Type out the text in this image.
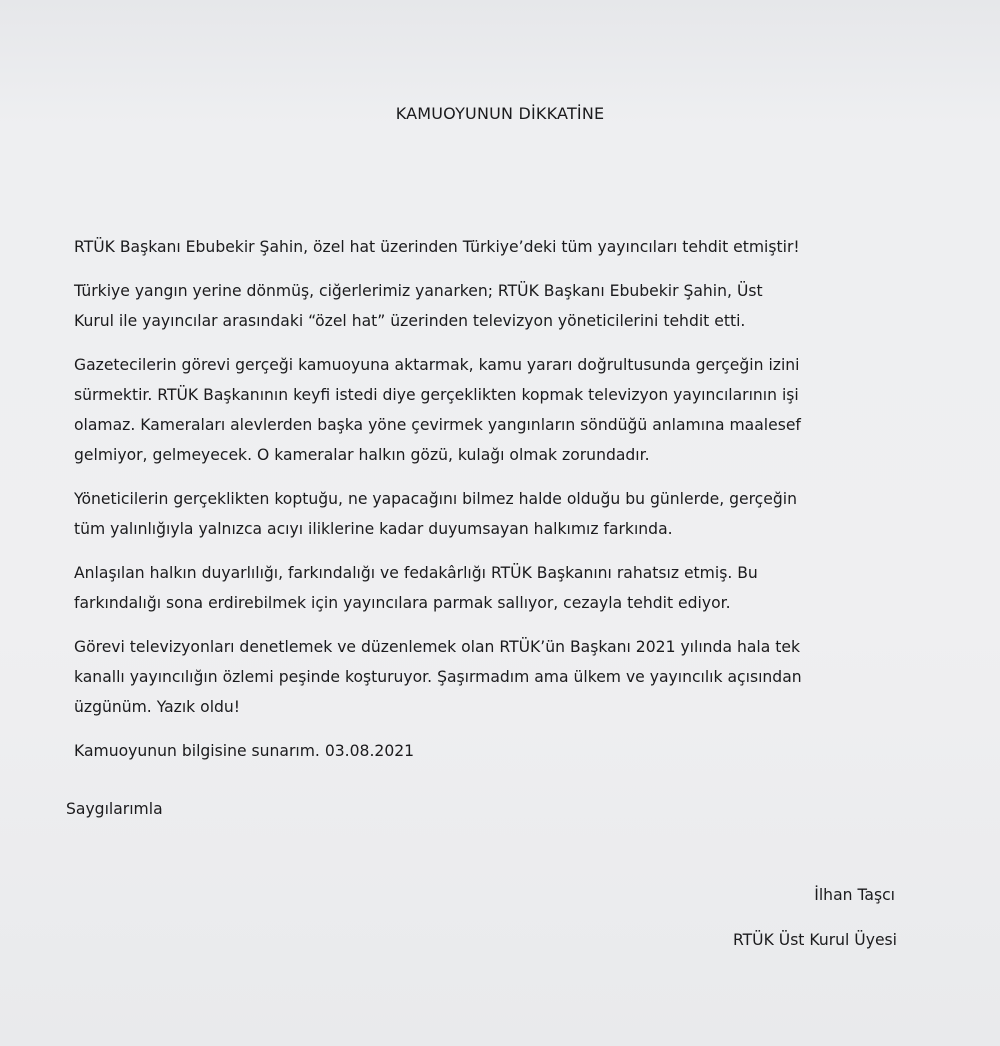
KAMUOYUNUN DİKKATİNE

RTÜK Başkanı Ebubekir Şahin, özel hat üzerinden Türkiye’deki tüm yayıncıları tehdit etmiştir!

Türkiye yangın yerine dönmüş, ciğerlerimiz yanarken; RTÜK Başkanı Ebubekir Şahin, Üst
Kurul ile yayıncılar arasındaki “özel hat” üzerinden televizyon yöneticilerini tehdit etti.

Gazetecilerin görevi gerçeği kamuoyuna aktarmak, kamu yararı doğrultusunda gerçeğin izini
sürmektir. RTÜK Başkanının keyfi istedi diye gerçeklikten kopmak televizyon yayıncılarının işi
olamaz. Kameraları alevlerden başka yöne çevirmek yangınların söndüğü anlamına maalesef
gelmiyor, gelmeyecek. O kameralar halkın gözü, kulağı olmak zorundadır.

Yöneticilerin gerçeklikten koptuğu, ne yapacağını bilmez halde olduğu bu günlerde, gerçeğin
tüm yalınlığıyla yalnızca acıyı iliklerine kadar duyumsayan halkımız farkında.

Anlaşılan halkın duyarlılığı, farkındalığı ve fedakârlığı RTÜK Başkanını rahatsız etmiş. Bu
farkındalığı sona erdirebilmek için yayıncılara parmak sallıyor, cezayla tehdit ediyor.

Görevi televizyonları denetlemek ve düzenlemek olan RTÜK’ün Başkanı 2021 yılında hala tek
kanallı yayıncılığın özlemi peşinde koşturuyor. Şaşırmadım ama ülkem ve yayıncılık açısından
üzgünüm. Yazık oldu!

Kamuoyunun bilgisine sunarım. 03.08.2021

Saygılarımla

İlhan Taşcı

RTÜK Üst Kurul Üyesi
